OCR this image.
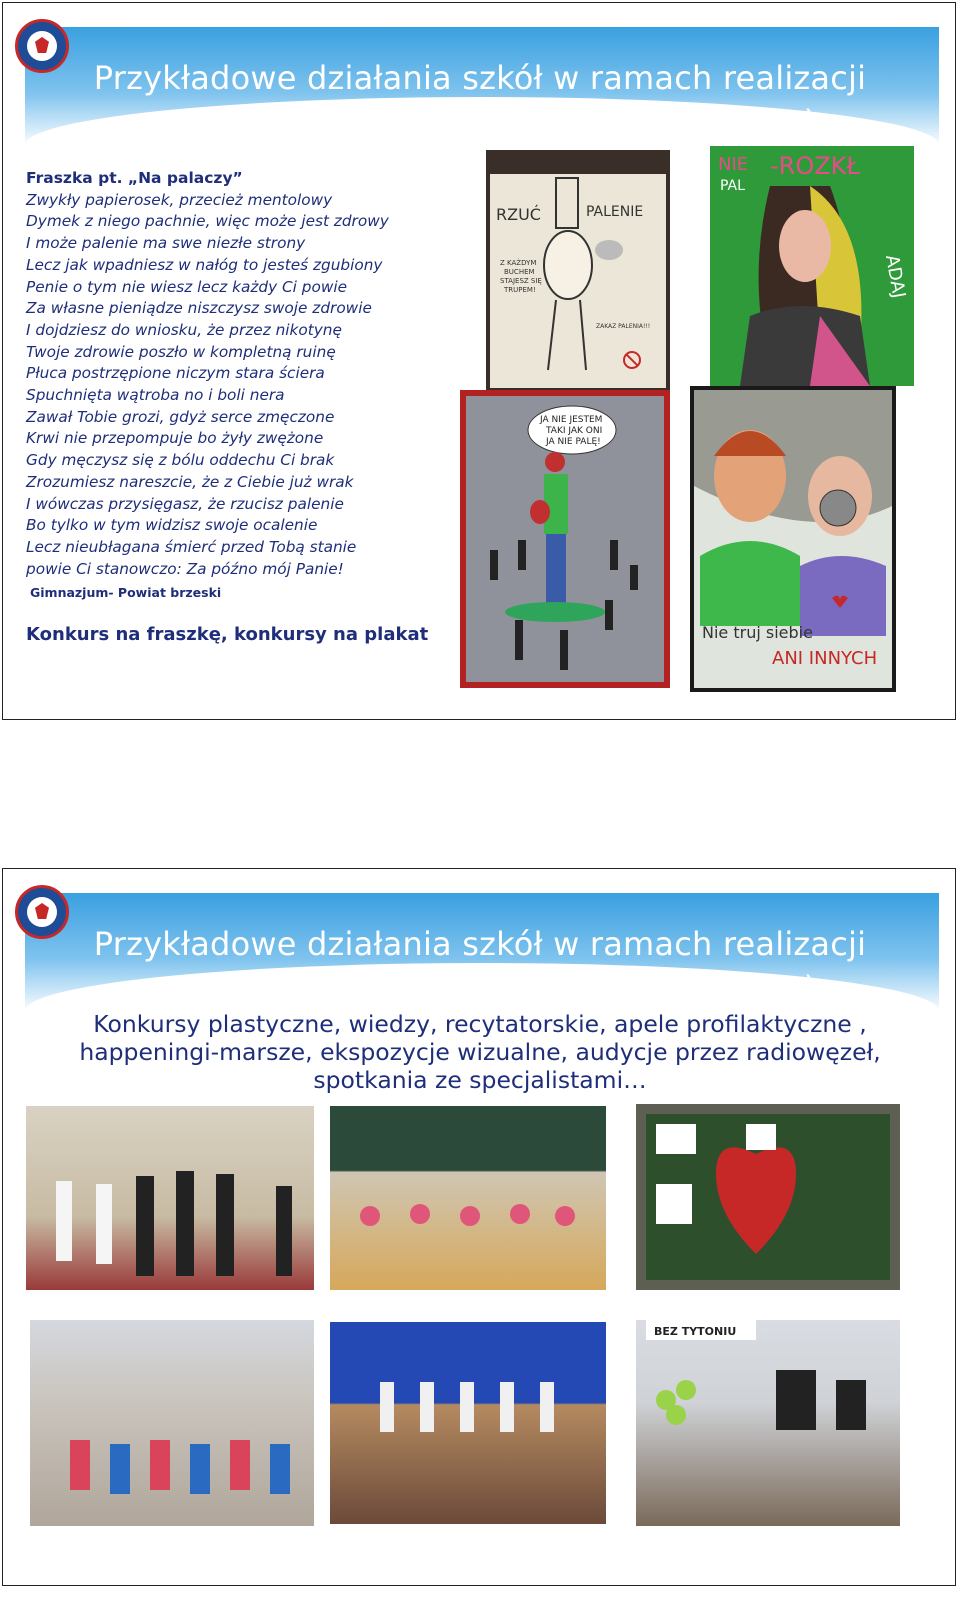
Przykładowe działania szkół w ramach realizacji
programów (dokumentacja fotograficzna)
Fraszka pt. „Na palaczy”
Zwykły papierosek, przecież mentolowy
Dymek z niego pachnie, więc może jest zdrowy
I może palenie ma swe niezłe strony
Lecz jak wpadniesz w nałóg to jesteś zgubiony
Penie o tym nie wiesz lecz każdy Ci powie
Za własne pieniądze niszczysz swoje zdrowie
I dojdziesz do wniosku, że przez nikotynę
Twoje zdrowie poszło w kompletną ruinę
Płuca postrzępione niczym stara ściera
Spuchnięta wątroba no i boli nera
Zawał Tobie grozi, gdyż serce zmęczone
Krwi nie przepompuje bo żyły zwężone
Gdy męczysz się z bólu oddechu Ci brak
Zrozumiesz nareszcie, że z Ciebie już wrak
I wówczas przysięgasz, że rzucisz palenie
Bo tylko w tym widzisz swoje ocalenie
Lecz nieubłagana śmierć przed Tobą stanie
powie Ci stanowczo: Za późno mój Panie!
Gimnazjum- Powiat brzeski
Konkurs na fraszkę, konkursy na plakat
RZUĆ	PALENIE
Z KAŻDYM
BUCHEM
STAJESZ SIĘ
TRUPEM!
ZAKAZ PALENIA!!!
NIE
PAL
-ROZKŁ
ADAJ
JA NIE JESTEM
TAKI JAK ONI
JA NIE PALĘ!
Nie truj siebie
ANI INNYCH
Przykładowe działania szkół w ramach realizacji
programów (dokumentacja fotograficzna)
Konkursy plastyczne, wiedzy, recytatorskie, apele profilaktyczne ,
happeningi-marsze, ekspozycje wizualne, audycje przez radiowęzeł,
spotkania ze specjalistami…
BEZ TYTONIU
